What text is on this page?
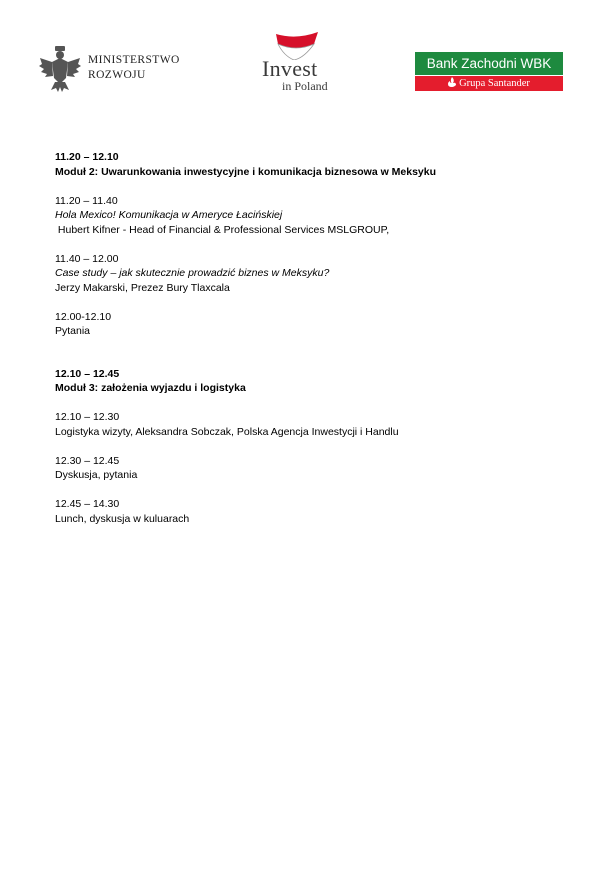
MINISTERSTWO
ROZWOJU	Invest
in Poland
Bank Zachodni WBK
Grupa Santander
11.20 – 12.10
Moduł 2: Uwarunkowania inwestycyjne i komunikacja biznesowa w Meksyku
11.20 – 11.40
Hola Mexico! Komunikacja w Ameryce Łacińskiej
Hubert Kifner - Head of Financial & Professional Services MSLGROUP,
11.40 – 12.00
Case study – jak skutecznie prowadzić biznes w Meksyku?
Jerzy Makarski, Prezez Bury Tlaxcala
12.00-12.10
Pytania
12.10 – 12.45
Moduł 3: założenia wyjazdu i logistyka
12.10 – 12.30
Logistyka wizyty, Aleksandra Sobczak, Polska Agencja Inwestycji i Handlu
12.30 – 12.45
Dyskusja, pytania
12.45 – 14.30
Lunch, dyskusja w kuluarach
